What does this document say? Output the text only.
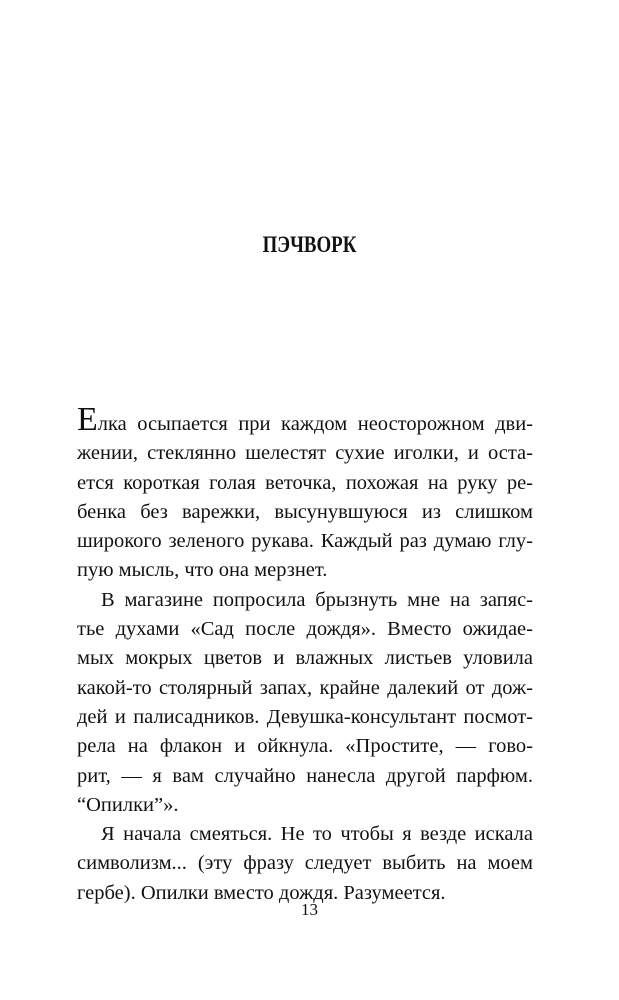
ПЭЧВОРК
Елка осыпается при каждом неосторожном дви-
жении, стеклянно шелестят сухие иголки, и оста-
ется короткая голая веточка, похожая на руку ре-
бенка без варежки, высунувшуюся из слишком
широкого зеленого рукава. Каждый раз думаю глу-
пую мысль, что она мерзнет.
В магазине попросила брызнуть мне на запяс-
тье духами «Сад после дождя». Вместо ожидае-
мых мокрых цветов и влажных листьев уловила
какой-то столярный запах, крайне далекий от дож-
дей и палисадников. Девушка-консультант посмот-
рела на флакон и ойкнула. «Простите, — гово-
рит, — я вам случайно нанесла другой парфюм.
“Опилки”».
Я начала смеяться. Не то чтобы я везде искала
символизм... (эту фразу следует выбить на моем
гербе). Опилки вместо дождя. Разумеется.
13
